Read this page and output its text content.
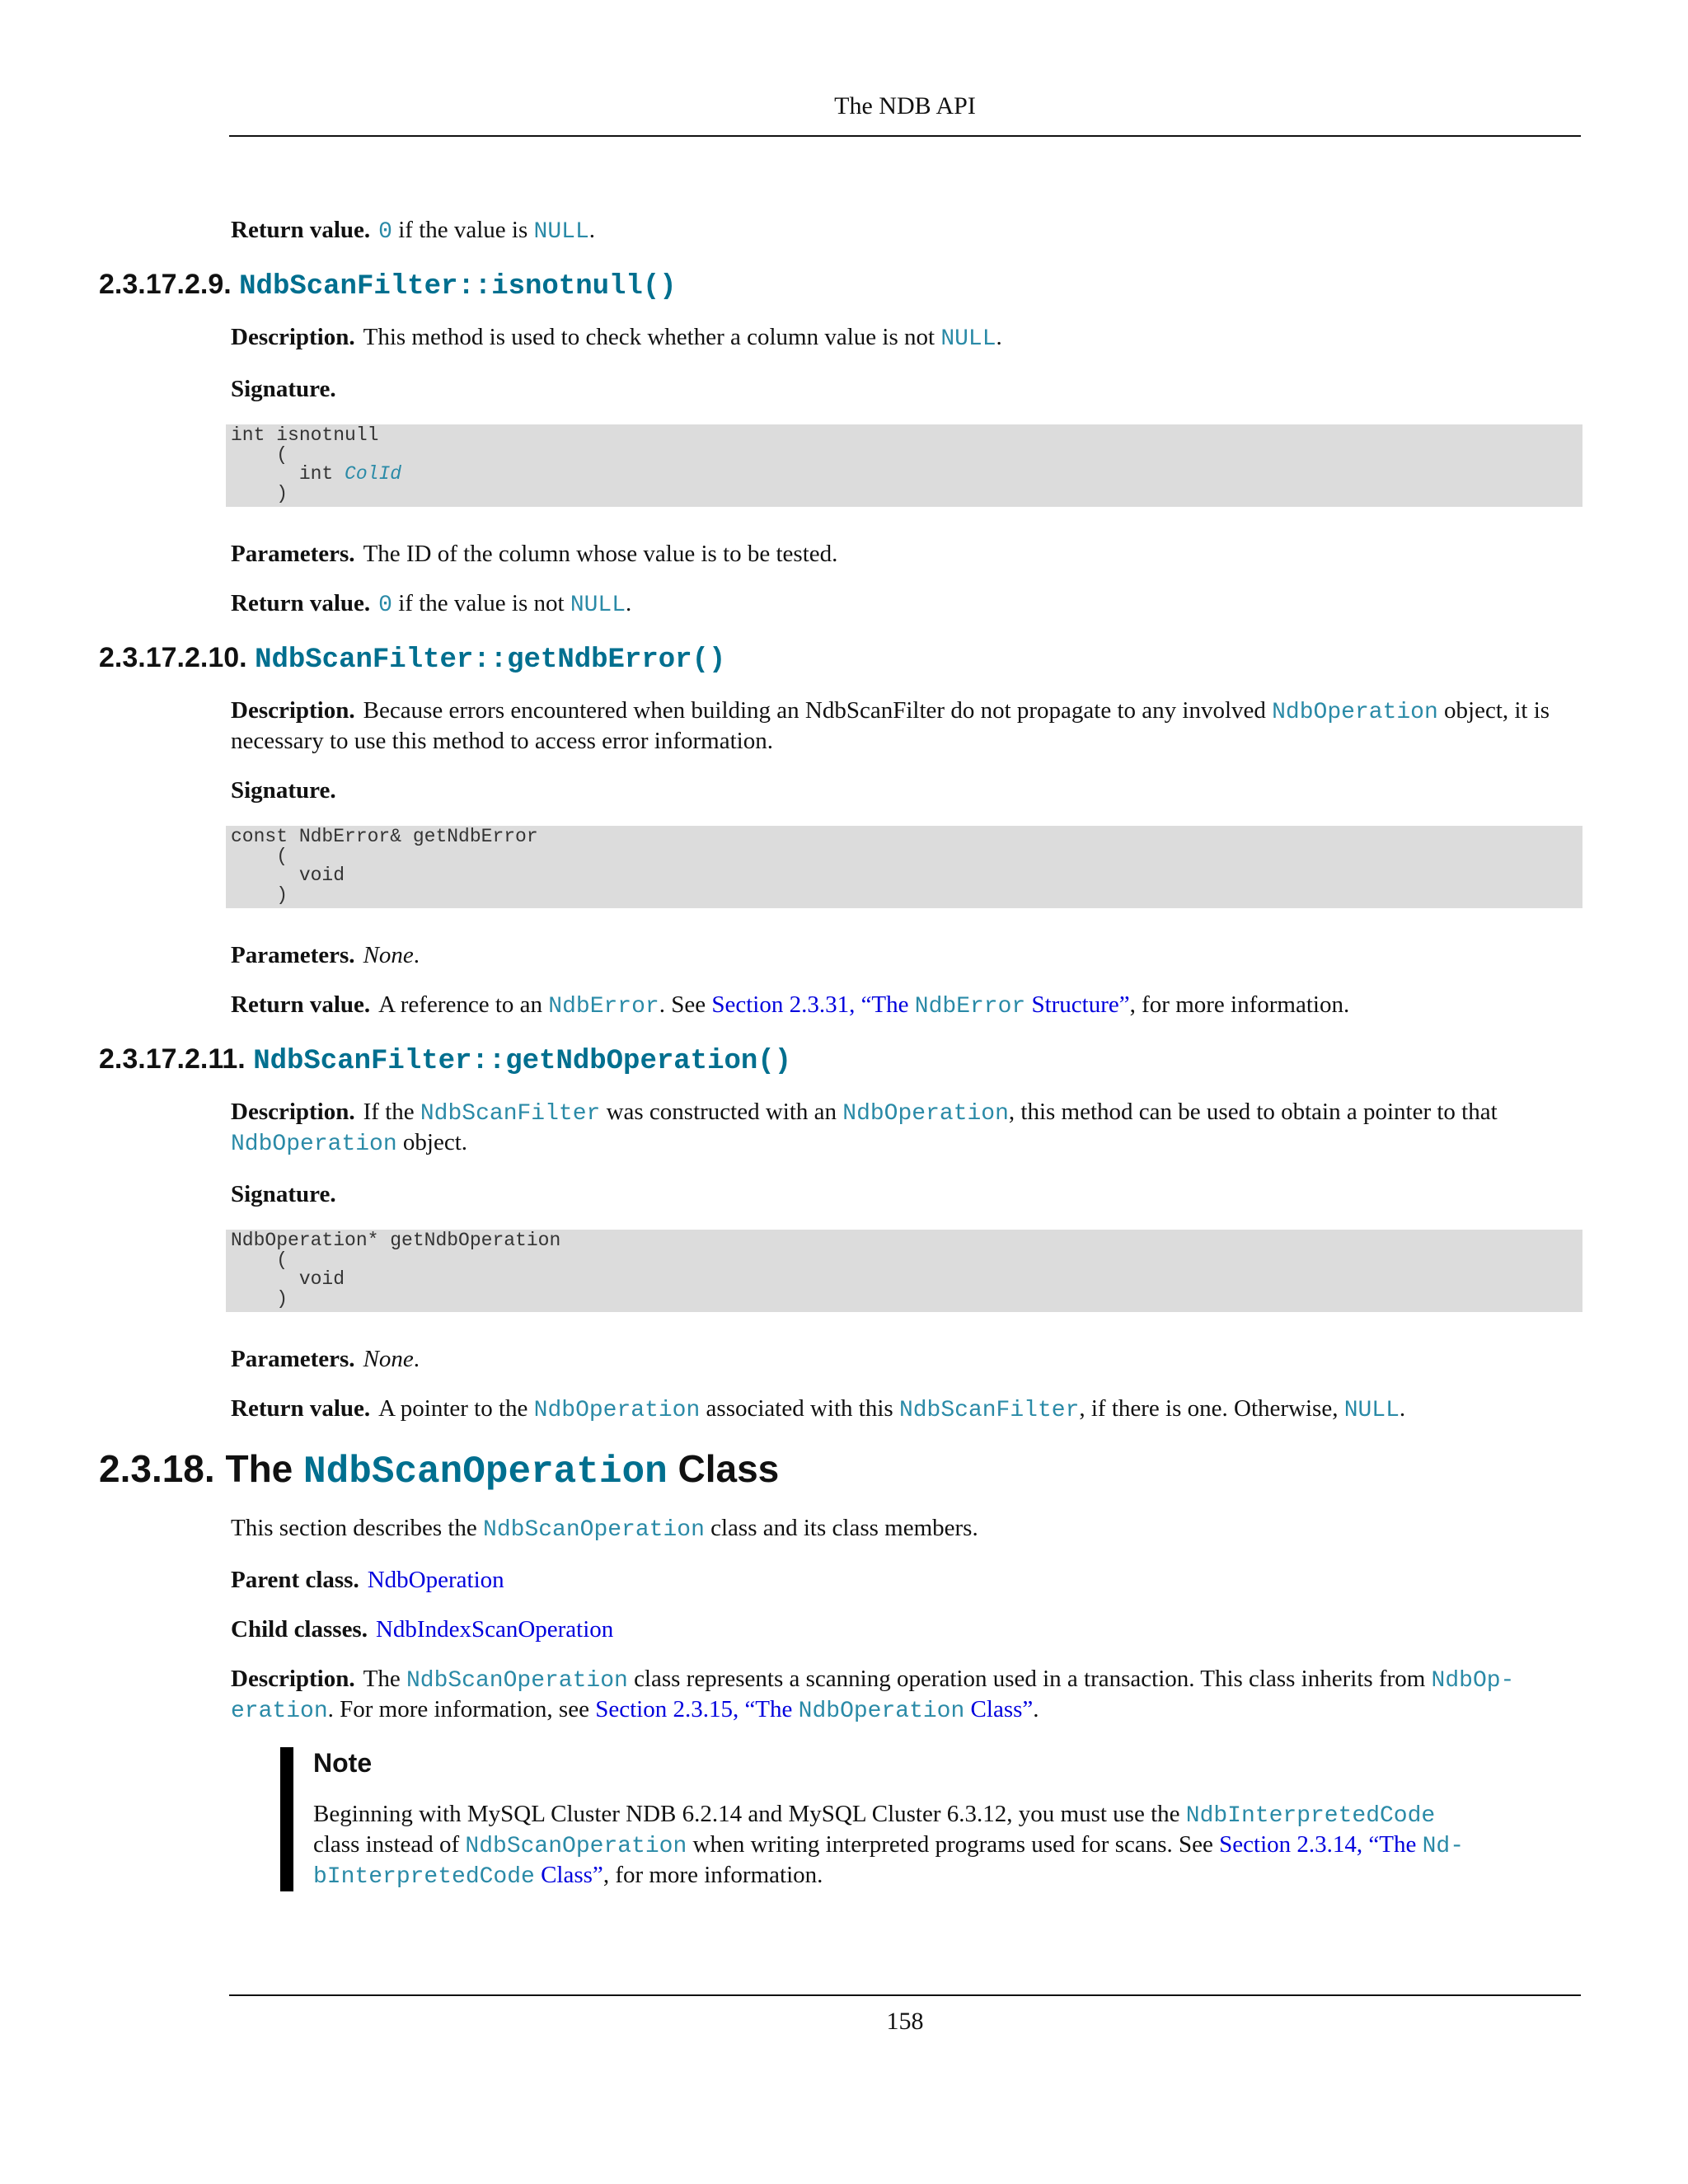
The NDB API

Return value. 0 if the value is NULL.

2.3.17.2.9. NdbScanFilter::isnotnull()

Description. This method is used to check whether a column value is not NULL.

Signature.

int isnotnull
(
int ColId
)

Parameters. The ID of the column whose value is to be tested.

Return value. 0 if the value is not NULL.

2.3.17.2.10. NdbScanFilter::getNdbError()

Description. Because errors encountered when building an NdbScanFilter do not propagate to any involved NdbOperation object, it is necessary to use this method to access error information.

Signature.

const NdbError& getNdbError
(
void
)

Parameters. None.

Return value. A reference to an NdbError. See Section 2.3.31, “The NdbError Structure”, for more information.

2.3.17.2.11. NdbScanFilter::getNdbOperation()

Description. If the NdbScanFilter was constructed with an NdbOperation, this method can be used to obtain a pointer to that NdbOperation object.

Signature.

NdbOperation* getNdbOperation
(
void
)

Parameters. None.

Return value. A pointer to the NdbOperation associated with this NdbScanFilter, if there is one. Otherwise, NULL.

2.3.18. The NdbScanOperation Class

This section describes the NdbScanOperation class and its class members.

Parent class. NdbOperation

Child classes. NdbIndexScanOperation

Description. The NdbScanOperation class represents a scanning operation used in a transaction. This class inherits from NdbOp-
eration. For more information, see Section 2.3.15, “The NdbOperation Class”.

Note

Beginning with MySQL Cluster NDB 6.2.14 and MySQL Cluster 6.3.12, you must use the NdbInterpretedCode
class instead of NdbScanOperation when writing interpreted programs used for scans. See Section 2.3.14, “The Nd-
bInterpretedCode Class”, for more information.

158
